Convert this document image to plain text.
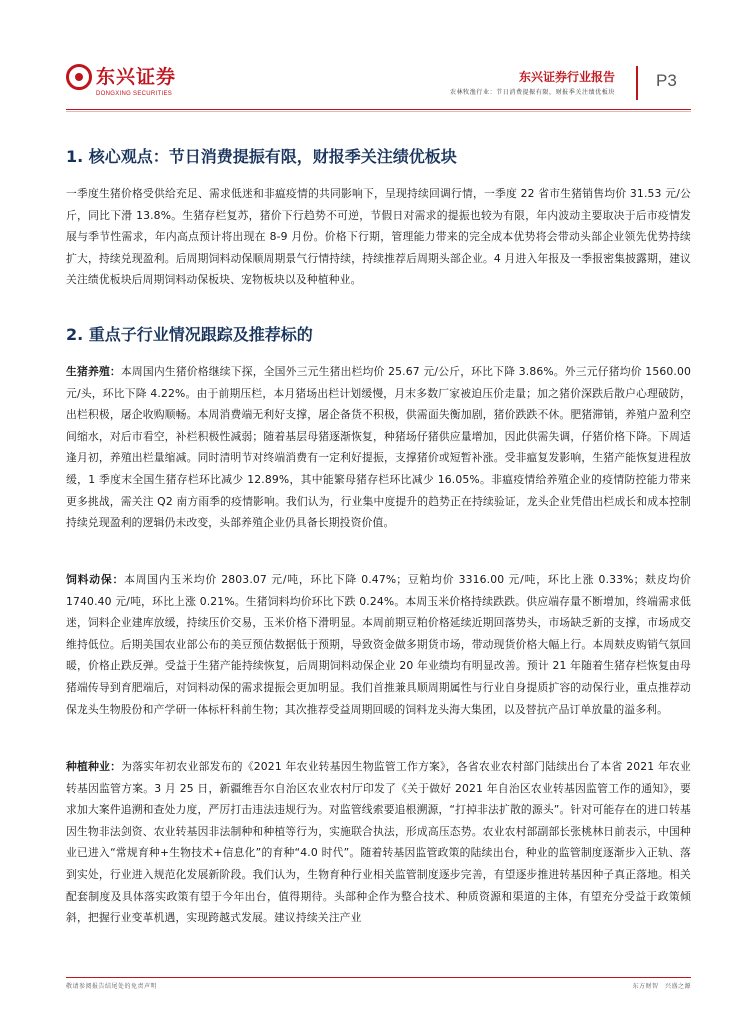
东兴证券
DONGXING SECURITIES
东兴证券行业报告
农林牧渔行业：节日消费提振有限，财报季关注绩优板块
P3
1. 核心观点：节日消费提振有限，财报季关注绩优板块

一季度生猪价格受供给充足、需求低迷和非瘟疫情的共同影响下，呈现持续回调行情，一季度 22 省市生猪销售均价 31.53 元/公斤，同比下滑 13.8%。生猪存栏复苏，猪价下行趋势不可逆，节假日对需求的提振也较为有限，年内波动主要取决于后市疫情发展与季节性需求，年内高点预计将出现在 8-9 月份。价格下行期，管理能力带来的完全成本优势将会带动头部企业领先优势持续扩大，持续兑现盈利。后周期饲料动保顺周期景气行情持续，持续推荐后周期头部企业。4 月进入年报及一季报密集披露期，建议关注绩优板块后周期饲料动保板块、宠物板块以及种植种业。

2. 重点子行业情况跟踪及推荐标的

生猪养殖：本周国内生猪价格继续下探，全国外三元生猪出栏均价 25.67 元/公斤，环比下降 3.86%。外三元仔猪均价 1560.00 元/头，环比下降 4.22%。由于前期压栏，本月猪场出栏计划缓慢，月末多数厂家被迫压价走量；加之猪价深跌后散户心理破防，出栏积极，屠企收购顺畅。本周消费端无利好支撑，屠企备货不积极，供需面失衡加剧，猪价跌跌不休。肥猪滞销，养殖户盈利空间缩水，对后市看空，补栏积极性减弱；随着基层母猪逐渐恢复，种猪场仔猪供应量增加，因此供需失调，仔猪价格下降。下周适逢月初，养殖出栏量缩减。同时清明节对终端消费有一定利好提振，支撑猪价或短暂补涨。受非瘟复发影响，生猪产能恢复进程放缓，1 季度末全国生猪存栏环比减少 12.89%，其中能繁母猪存栏环比减少 16.05%。非瘟疫情给养殖企业的疫情防控能力带来更多挑战，需关注 Q2 南方雨季的疫情影响。我们认为，行业集中度提升的趋势正在持续验证，龙头企业凭借出栏成长和成本控制持续兑现盈利的逻辑仍未改变，头部养殖企业仍具备长期投资价值。

饲料动保：本周国内玉米均价 2803.07 元/吨，环比下降 0.47%；豆粕均价 3316.00 元/吨，环比上涨 0.33%；麸皮均价 1740.40 元/吨，环比上涨 0.21%。生猪饲料均价环比下跌 0.24%。本周玉米价格持续跌跌。供应端存量不断增加，终端需求低迷，饲料企业建库放缓，持续压价交易，玉米价格下滑明显。本周前期豆粕价格延续近期回落势头，市场缺乏新的支撑，市场成交维持低位。后期美国农业部公布的美豆预估数据低于预期，导致资金做多期货市场，带动现货价格大幅上行。本周麸皮购销气氛回暖，价格止跌反弹。受益于生猪产能持续恢复，后周期饲料动保企业 20 年业绩均有明显改善。预计 21 年随着生猪存栏恢复由母猪端传导到育肥端后，对饲料动保的需求提振会更加明显。我们首推兼具顺周期属性与行业自身提质扩容的动保行业，重点推荐动保龙头生物股份和产学研一体标杆科前生物；其次推荐受益周期回暖的饲料龙头海大集团，以及替抗产品订单放量的溢多利。

种植种业：为落实年初农业部发布的《2021 年农业转基因生物监管工作方案》，各省农业农村部门陆续出台了本省 2021 年农业转基因监管方案。3 月 25 日，新疆维吾尔自治区农业农村厅印发了《关于做好 2021 年自治区农业转基因监管工作的通知》，要求加大案件追溯和查处力度，严厉打击违法违规行为。对监管线索要追根溯源，“打掉非法扩散的源头”。针对可能存在的进口转基因生物非法剑资、农业转基因非法制种和种植等行为，实施联合执法，形成高压态势。农业农村部副部长张桃林日前表示，中国种业已进入“常规育种+生物技术+信息化”的育种“4.0 时代”。随着转基因监管政策的陆续出台，种业的监管制度逐渐步入正轨、落到实处，行业进入规范化发展新阶段。我们认为，生物育种行业相关监管制度逐步完善，有望逐步推进转基因种子真正落地。相关配套制度及具体落实政策有望于今年出台，值得期待。头部种企作为整合技术、种质资源和渠道的主体，有望充分受益于政策倾斜，把握行业变革机遇，实现跨越式发展。建议持续关注产业

敬请参阅报告结尾处的免责声明	东方财智　兴盛之源
